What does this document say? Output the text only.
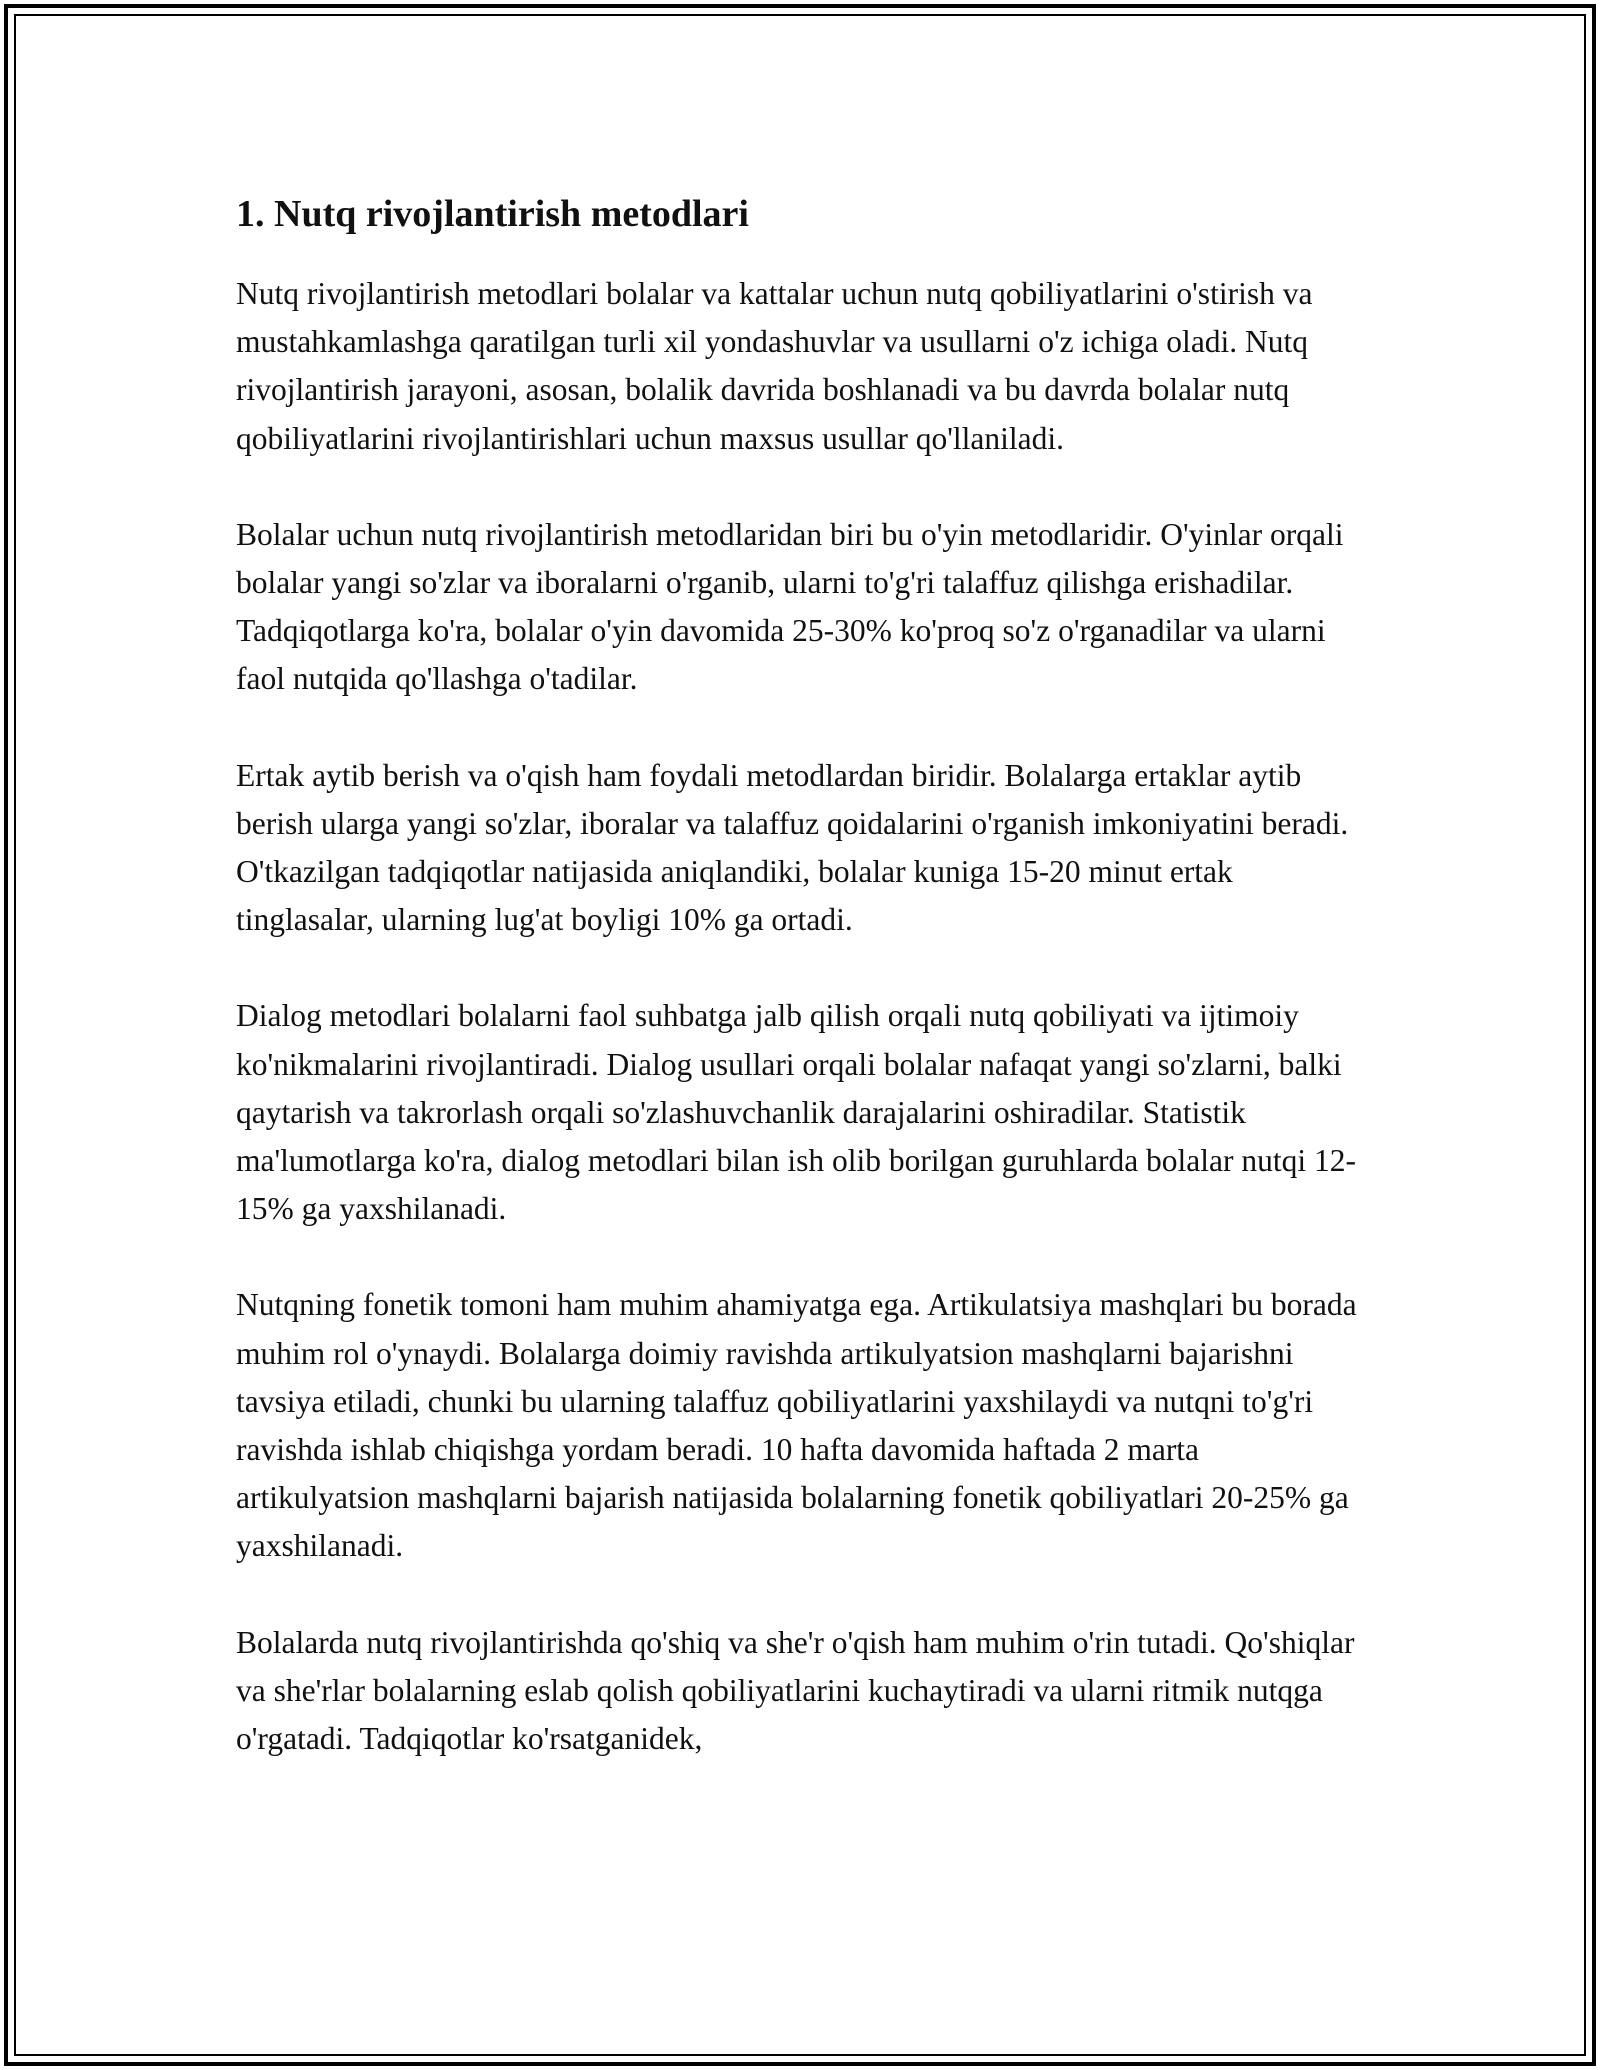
1. Nutq rivojlantirish metodlari

Nutq rivojlantirish metodlari bolalar va kattalar uchun nutq qobiliyatlarini o'stirish va mustahkamlashga qaratilgan turli xil yondashuvlar va usullarni o'z ichiga oladi. Nutq rivojlantirish jarayoni, asosan, bolalik davrida boshlanadi va bu davrda bolalar nutq qobiliyatlarini rivojlantirishlari uchun maxsus usullar qo'llaniladi.

Bolalar uchun nutq rivojlantirish metodlaridan biri bu o'yin metodlaridir. O'yinlar orqali bolalar yangi so'zlar va iboralarni o'rganib, ularni to'g'ri talaffuz qilishga erishadilar. Tadqiqotlarga ko'ra, bolalar o'yin davomida 25-30% ko'proq so'z o'rganadilar va ularni faol nutqida qo'llashga o'tadilar.

Ertak aytib berish va o'qish ham foydali metodlardan biridir. Bolalarga ertaklar aytib berish ularga yangi so'zlar, iboralar va talaffuz qoidalarini o'rganish imkoniyatini beradi. O'tkazilgan tadqiqotlar natijasida aniqlandiki, bolalar kuniga 15-20 minut ertak tinglasalar, ularning lug'at boyligi 10% ga ortadi.

Dialog metodlari bolalarni faol suhbatga jalb qilish orqali nutq qobiliyati va ijtimoiy ko'nikmalarini rivojlantiradi. Dialog usullari orqali bolalar nafaqat yangi so'zlarni, balki qaytarish va takrorlash orqali so'zlashuvchanlik darajalarini oshiradilar. Statistik ma'lumotlarga ko'ra, dialog metodlari bilan ish olib borilgan guruhlarda bolalar nutqi 12-15% ga yaxshilanadi.

Nutqning fonetik tomoni ham muhim ahamiyatga ega. Artikulatsiya mashqlari bu borada muhim rol o'ynaydi. Bolalarga doimiy ravishda artikulyatsion mashqlarni bajarishni tavsiya etiladi, chunki bu ularning talaffuz qobiliyatlarini yaxshilaydi va nutqni to'g'ri ravishda ishlab chiqishga yordam beradi. 10 hafta davomida haftada 2 marta artikulyatsion mashqlarni bajarish natijasida bolalarning fonetik qobiliyatlari 20-25% ga yaxshilanadi.

Bolalarda nutq rivojlantirishda qo'shiq va she'r o'qish ham muhim o'rin tutadi. Qo'shiqlar va she'rlar bolalarning eslab qolish qobiliyatlarini kuchaytiradi va ularni ritmik nutqga o'rgatadi. Tadqiqotlar ko'rsatganidek,
